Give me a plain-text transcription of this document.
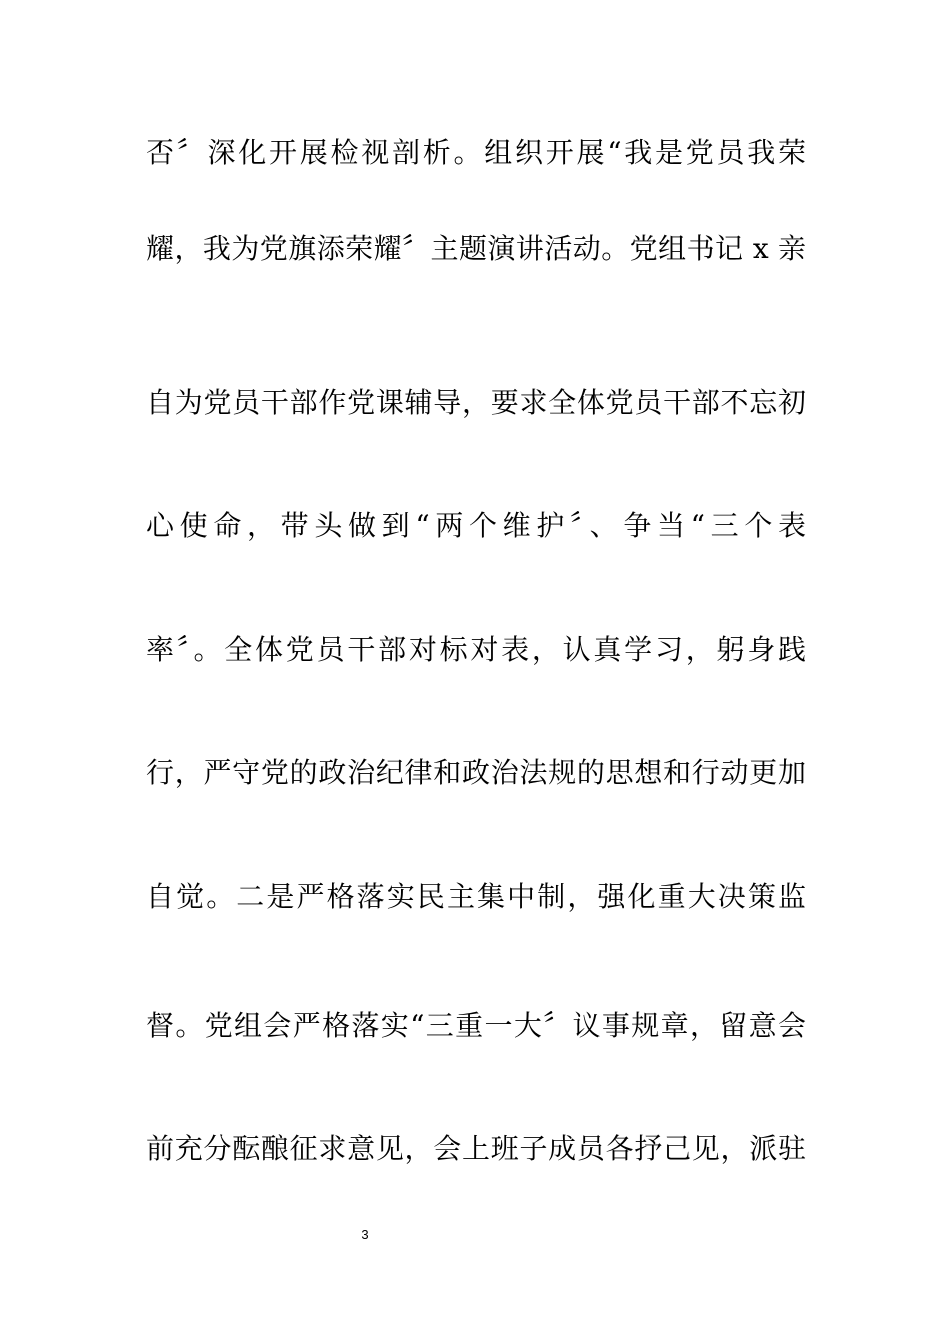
否〞深化开展检视剖析。组织开展“我是党员我荣
耀，我为党旗添荣耀〞主题演讲活动。党组书记 x 亲
自为党员干部作党课辅导，要求全体党员干部不忘初
心使命，带头做到“两个维护〞、争当“三个表
率〞。全体党员干部对标对表，认真学习，躬身践
行，严守党的政治纪律和政治法规的思想和行动更加
自觉。二是严格落实民主集中制，强化重大决策监
督。党组会严格落实“三重一大〞议事规章，留意会
前充分酝酿征求意见，会上班子成员各抒己见，派驻
3
